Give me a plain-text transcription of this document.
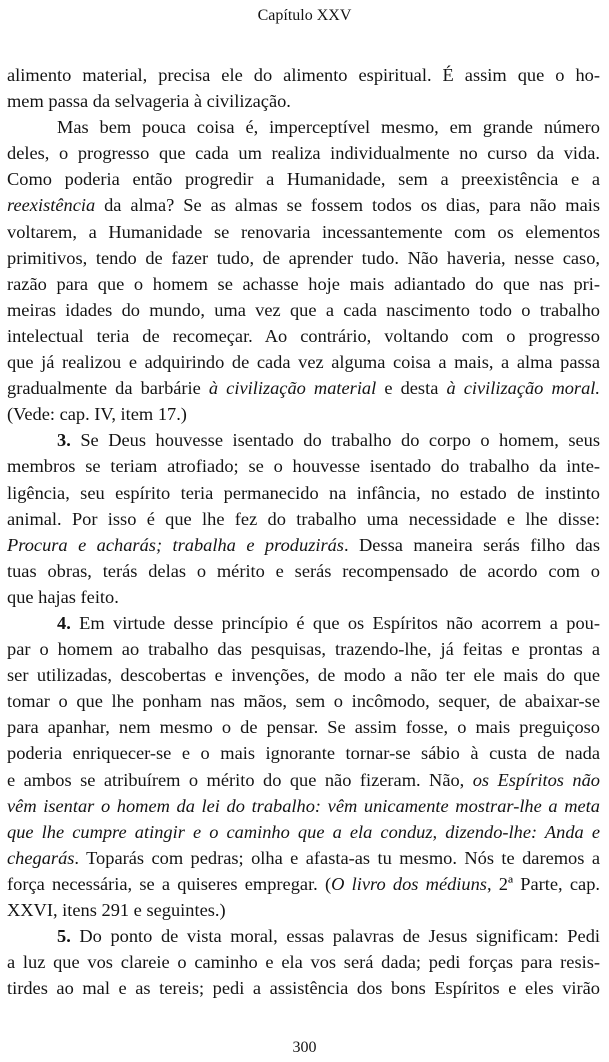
Capítulo XXV
alimento material, precisa ele do alimento espiritual. É assim que o ho-
mem passa da selvageria à civilização.
Mas bem pouca coisa é, imperceptível mesmo, em grande número
deles, o progresso que cada um realiza individualmente no curso da vida.
Como poderia então progredir a Humanidade, sem a preexistência e a
reexistência da alma? Se as almas se fossem todos os dias, para não mais
voltarem, a Humanidade se renovaria incessantemente com os elementos
primitivos, tendo de fazer tudo, de aprender tudo. Não haveria, nesse caso,
razão para que o homem se achasse hoje mais adiantado do que nas pri-
meiras idades do mundo, uma vez que a cada nascimento todo o trabalho
intelectual teria de recomeçar. Ao contrário, voltando com o progresso
que já realizou e adquirindo de cada vez alguma coisa a mais, a alma passa
gradualmente da barbárie à civilização material e desta à civilização moral.
(Vede: cap. IV, item 17.)
3. Se Deus houvesse isentado do trabalho do corpo o homem, seus
membros se teriam atrofiado; se o houvesse isentado do trabalho da inte-
ligência, seu espírito teria permanecido na infância, no estado de instinto
animal. Por isso é que lhe fez do trabalho uma necessidade e lhe disse:
Procura e acharás; trabalha e produzirás. Dessa maneira serás filho das
tuas obras, terás delas o mérito e serás recompensado de acordo com o
que hajas feito.
4. Em virtude desse princípio é que os Espíritos não acorrem a pou-
par o homem ao trabalho das pesquisas, trazendo-lhe, já feitas e prontas a
ser utilizadas, descobertas e invenções, de modo a não ter ele mais do que
tomar o que lhe ponham nas mãos, sem o incômodo, sequer, de abaixar-se
para apanhar, nem mesmo o de pensar. Se assim fosse, o mais preguiçoso
poderia enriquecer-se e o mais ignorante tornar-se sábio à custa de nada
e ambos se atribuírem o mérito do que não fizeram. Não, os Espíritos não
vêm isentar o homem da lei do trabalho: vêm unicamente mostrar-lhe a meta
que lhe cumpre atingir e o caminho que a ela conduz, dizendo-lhe: Anda e
chegarás. Toparás com pedras; olha e afasta-as tu mesmo. Nós te daremos a
força necessária, se a quiseres empregar. (O livro dos médiuns, 2ª Parte, cap.
XXVI, itens 291 e seguintes.)
5. Do ponto de vista moral, essas palavras de Jesus significam: Pedi
a luz que vos clareie o caminho e ela vos será dada; pedi forças para resis-
tirdes ao mal e as tereis; pedi a assistência dos bons Espíritos e eles virão
300
